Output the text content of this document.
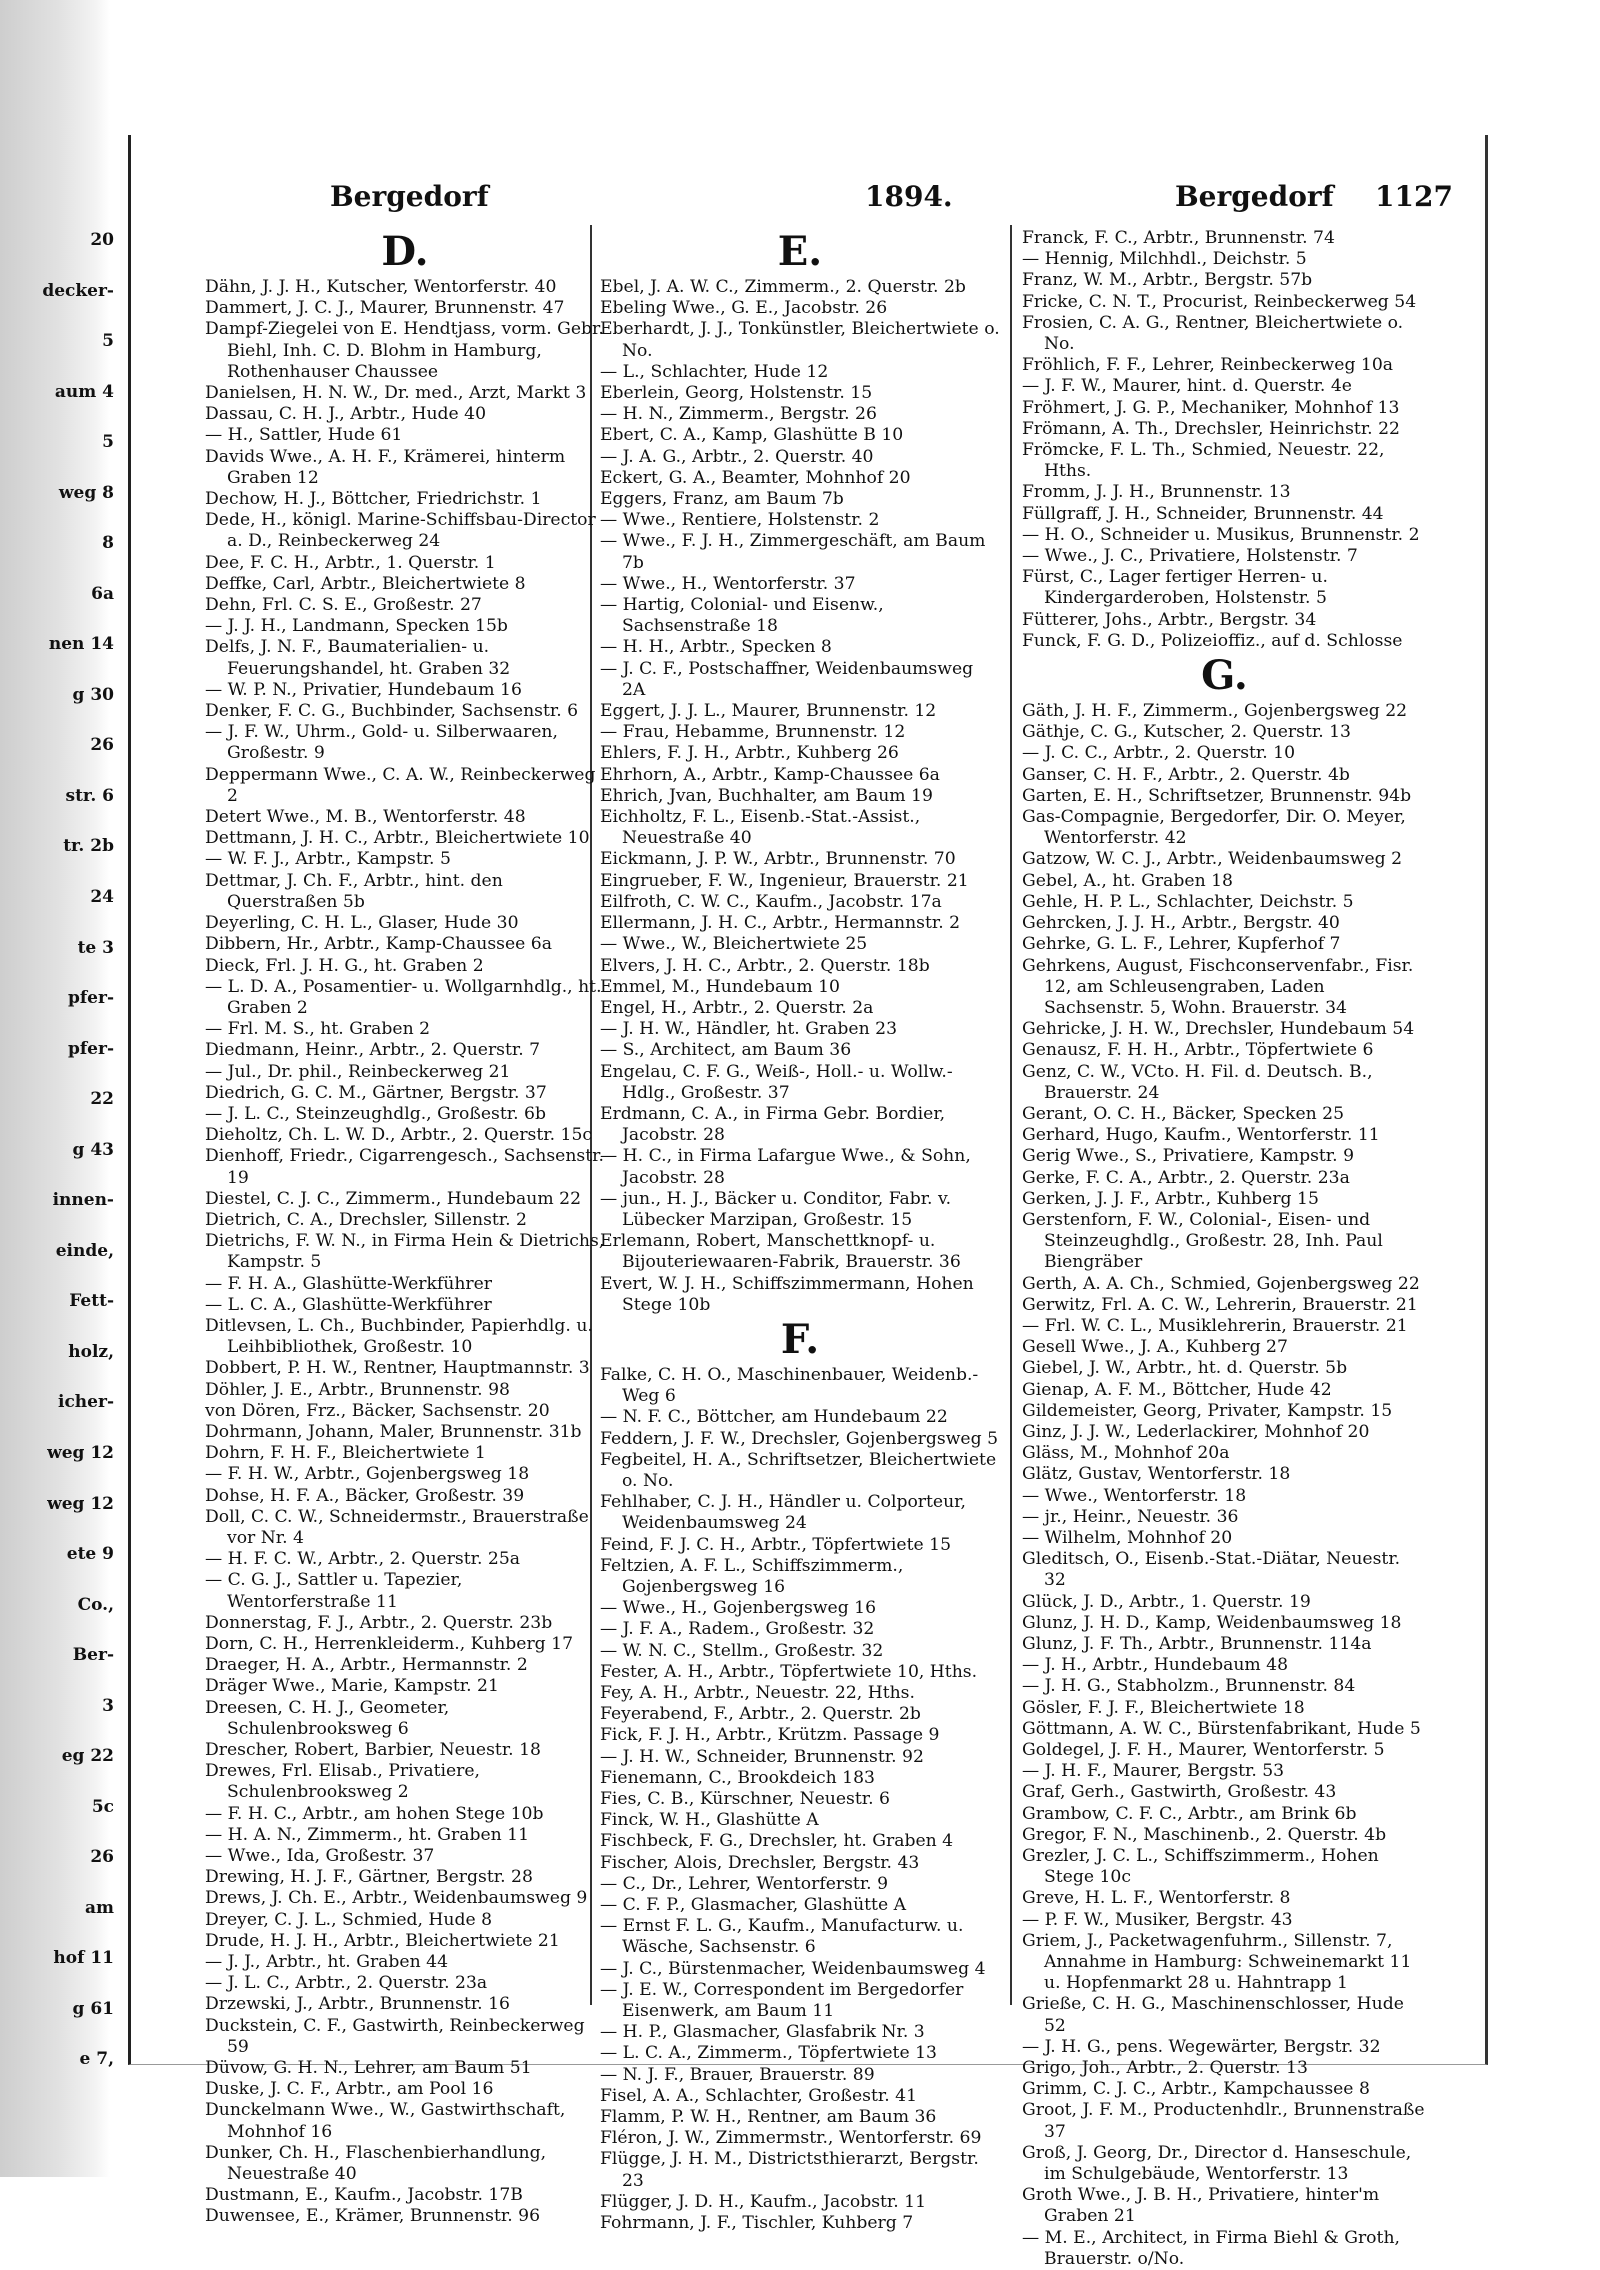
20
decker-
5
aum 4
5
weg 8
8
6a
nen 14
g 30
26
str. 6
tr. 2b
24
te 3
pfer-
pfer-
22
g 43
innen-
einde,
Fett-
holz,
icher-
weg 12
weg 12
ete 9
Co.,
Ber-
3
eg 22
5c
26
am
hof 11
g 61
e 7,
Bergedorf	1894.	Bergedorf 1127
D.
Dähn, J. J. H., Kutscher, Wentorferstr. 40
Dammert, J. C. J., Maurer, Brunnenstr. 47
Dampf-Ziegelei von E. Hendtjass, vorm. Gebr. Biehl, Inh. C. D. Blohm in Hamburg, Rothenhauser Chaussee
Danielsen, H. N. W., Dr. med., Arzt, Markt 3
Dassau, C. H. J., Arbtr., Hude 40
— H., Sattler, Hude 61
Davids Wwe., A. H. F., Krämerei, hinterm Graben 12
Dechow, H. J., Böttcher, Friedrichstr. 1
Dede, H., königl. Marine-Schiffsbau-Director a. D., Reinbeckerweg 24
Dee, F. C. H., Arbtr., 1. Querstr. 1
Deffke, Carl, Arbtr., Bleichertwiete 8
Dehn, Frl. C. S. E., Großestr. 27
— J. J. H., Landmann, Specken 15b
Delfs, J. N. F., Baumaterialien- u. Feuerungshandel, ht. Graben 32
— W. P. N., Privatier, Hundebaum 16
Denker, F. C. G., Buchbinder, Sachsenstr. 6
— J. F. W., Uhrm., Gold- u. Silberwaaren, Großestr. 9
Deppermann Wwe., C. A. W., Reinbeckerweg 2
Detert Wwe., M. B., Wentorferstr. 48
Dettmann, J. H. C., Arbtr., Bleichertwiete 10
— W. F. J., Arbtr., Kampstr. 5
Dettmar, J. Ch. F., Arbtr., hint. den Querstraßen 5b
Deyerling, C. H. L., Glaser, Hude 30
Dibbern, Hr., Arbtr., Kamp-Chaussee 6a
Dieck, Frl. J. H. G., ht. Graben 2
— L. D. A., Posamentier- u. Wollgarnhdlg., ht. Graben 2
— Frl. M. S., ht. Graben 2
Diedmann, Heinr., Arbtr., 2. Querstr. 7
— Jul., Dr. phil., Reinbeckerweg 21
Diedrich, G. C. M., Gärtner, Bergstr. 37
— J. L. C., Steinzeughdlg., Großestr. 6b
Dieholtz, Ch. L. W. D., Arbtr., 2. Querstr. 15c
Dienhoff, Friedr., Cigarrengesch., Sachsenstr. 19
Diestel, C. J. C., Zimmerm., Hundebaum 22
Dietrich, C. A., Drechsler, Sillenstr. 2
Dietrichs, F. W. N., in Firma Hein & Dietrichs, Kampstr. 5
— F. H. A., Glashütte-Werkführer
— L. C. A., Glashütte-Werkführer
Ditlevsen, L. Ch., Buchbinder, Papierhdlg. u. Leihbibliothek, Großestr. 10
Dobbert, P. H. W., Rentner, Hauptmannstr. 3
Döhler, J. E., Arbtr., Brunnenstr. 98
von Dören, Frz., Bäcker, Sachsenstr. 20
Dohrmann, Johann, Maler, Brunnenstr. 31b
Dohrn, F. H. F., Bleichertwiete 1
— F. H. W., Arbtr., Gojenbergsweg 18
Dohse, H. F. A., Bäcker, Großestr. 39
Doll, C. C. W., Schneidermstr., Brauerstraße vor Nr. 4
— H. F. C. W., Arbtr., 2. Querstr. 25a
— C. G. J., Sattler u. Tapezier, Wentorferstraße 11
Donnerstag, F. J., Arbtr., 2. Querstr. 23b
Dorn, C. H., Herrenkleiderm., Kuhberg 17
Draeger, H. A., Arbtr., Hermannstr. 2
Dräger Wwe., Marie, Kampstr. 21
Dreesen, C. H. J., Geometer, Schulenbrooksweg 6
Drescher, Robert, Barbier, Neuestr. 18
Drewes, Frl. Elisab., Privatiere, Schulenbrooksweg 2
— F. H. C., Arbtr., am hohen Stege 10b
— H. A. N., Zimmerm., ht. Graben 11
— Wwe., Ida, Großestr. 37
Drewing, H. J. F., Gärtner, Bergstr. 28
Drews, J. Ch. E., Arbtr., Weidenbaumsweg 9
Dreyer, C. J. L., Schmied, Hude 8
Drude, H. J. H., Arbtr., Bleichertwiete 21
— J. J., Arbtr., ht. Graben 44
— J. L. C., Arbtr., 2. Querstr. 23a
Drzewski, J., Arbtr., Brunnenstr. 16
Duckstein, C. F., Gastwirth, Reinbeckerweg 59
Düvow, G. H. N., Lehrer, am Baum 51
Duske, J. C. F., Arbtr., am Pool 16
Dunckelmann Wwe., W., Gastwirthschaft, Mohnhof 16
Dunker, Ch. H., Flaschenbierhandlung, Neuestraße 40
Dustmann, E., Kaufm., Jacobstr. 17B
Duwensee, E., Krämer, Brunnenstr. 96
E.
Ebel, J. A. W. C., Zimmerm., 2. Querstr. 2b
Ebeling Wwe., G. E., Jacobstr. 26
Eberhardt, J. J., Tonkünstler, Bleichertwiete o. No.
— L., Schlachter, Hude 12
Eberlein, Georg, Holstenstr. 15
— H. N., Zimmerm., Bergstr. 26
Ebert, C. A., Kamp, Glashütte B 10
— J. A. G., Arbtr., 2. Querstr. 40
Eckert, G. A., Beamter, Mohnhof 20
Eggers, Franz, am Baum 7b
— Wwe., Rentiere, Holstenstr. 2
— Wwe., F. J. H., Zimmergeschäft, am Baum 7b
— Wwe., H., Wentorferstr. 37
— Hartig, Colonial- und Eisenw., Sachsenstraße 18
— H. H., Arbtr., Specken 8
— J. C. F., Postschaffner, Weidenbaumsweg 2A
Eggert, J. J. L., Maurer, Brunnenstr. 12
— Frau, Hebamme, Brunnenstr. 12
Ehlers, F. J. H., Arbtr., Kuhberg 26
Ehrhorn, A., Arbtr., Kamp-Chaussee 6a
Ehrich, Jvan, Buchhalter, am Baum 19
Eichholtz, F. L., Eisenb.-Stat.-Assist., Neuestraße 40
Eickmann, J. P. W., Arbtr., Brunnenstr. 70
Eingrueber, F. W., Ingenieur, Brauerstr. 21
Eilfroth, C. W. C., Kaufm., Jacobstr. 17a
Ellermann, J. H. C., Arbtr., Hermannstr. 2
— Wwe., W., Bleichertwiete 25
Elvers, J. H. C., Arbtr., 2. Querstr. 18b
Emmel, M., Hundebaum 10
Engel, H., Arbtr., 2. Querstr. 2a
— J. H. W., Händler, ht. Graben 23
— S., Architect, am Baum 36
Engelau, C. F. G., Weiß-, Holl.- u. Wollw.-Hdlg., Großestr. 37
Erdmann, C. A., in Firma Gebr. Bordier, Jacobstr. 28
— H. C., in Firma Lafargue Wwe., & Sohn, Jacobstr. 28
— jun., H. J., Bäcker u. Conditor, Fabr. v. Lübecker Marzipan, Großestr. 15
Erlemann, Robert, Manschettknopf- u. Bijouteriewaaren-Fabrik, Brauerstr. 36
Evert, W. J. H., Schiffszimmermann, Hohen Stege 10b
F.
Falke, C. H. O., Maschinenbauer, Weidenb.-Weg 6
— N. F. C., Böttcher, am Hundebaum 22
Feddern, J. F. W., Drechsler, Gojenbergsweg 5
Fegbeitel, H. A., Schriftsetzer, Bleichertwiete o. No.
Fehlhaber, C. J. H., Händler u. Colporteur, Weidenbaumsweg 24
Feind, F. J. C. H., Arbtr., Töpfertwiete 15
Feltzien, A. F. L., Schiffszimmerm., Gojenbergsweg 16
— Wwe., H., Gojenbergsweg 16
— J. F. A., Radem., Großestr. 32
— W. N. C., Stellm., Großestr. 32
Fester, A. H., Arbtr., Töpfertwiete 10, Hths.
Fey, A. H., Arbtr., Neuestr. 22, Hths.
Feyerabend, F., Arbtr., 2. Querstr. 2b
Fick, F. J. H., Arbtr., Krützm. Passage 9
— J. H. W., Schneider, Brunnenstr. 92
Fienemann, C., Brookdeich 183
Fies, C. B., Kürschner, Neuestr. 6
Finck, W. H., Glashütte A
Fischbeck, F. G., Drechsler, ht. Graben 4
Fischer, Alois, Drechsler, Bergstr. 43
— C., Dr., Lehrer, Wentorferstr. 9
— C. F. P., Glasmacher, Glashütte A
— Ernst F. L. G., Kaufm., Manufacturw. u. Wäsche, Sachsenstr. 6
— J. C., Bürstenmacher, Weidenbaumsweg 4
— J. E. W., Correspondent im Bergedorfer Eisenwerk, am Baum 11
— H. P., Glasmacher, Glasfabrik Nr. 3
— L. C. A., Zimmerm., Töpfertwiete 13
— N. J. F., Brauer, Brauerstr. 89
Fisel, A. A., Schlachter, Großestr. 41
Flamm, P. W. H., Rentner, am Baum 36
Fléron, J. W., Zimmermstr., Wentorferstr. 69
Flügge, J. H. M., Districtsthierarzt, Bergstr. 23
Flügger, J. D. H., Kaufm., Jacobstr. 11
Fohrmann, J. F., Tischler, Kuhberg 7
Franck, F. C., Arbtr., Brunnenstr. 74
— Hennig, Milchhdl., Deichstr. 5
Franz, W. M., Arbtr., Bergstr. 57b
Fricke, C. N. T., Procurist, Reinbeckerweg 54
Frosien, C. A. G., Rentner, Bleichertwiete o. No.
Fröhlich, F. F., Lehrer, Reinbeckerweg 10a
— J. F. W., Maurer, hint. d. Querstr. 4e
Fröhmert, J. G. P., Mechaniker, Mohnhof 13
Frömann, A. Th., Drechsler, Heinrichstr. 22
Frömcke, F. L. Th., Schmied, Neuestr. 22, Hths.
Fromm, J. J. H., Brunnenstr. 13
Füllgraff, J. H., Schneider, Brunnenstr. 44
— H. O., Schneider u. Musikus, Brunnenstr. 2
— Wwe., J. C., Privatiere, Holstenstr. 7
Fürst, C., Lager fertiger Herren- u. Kindergarderoben, Holstenstr. 5
Fütterer, Johs., Arbtr., Bergstr. 34
Funck, F. G. D., Polizeioffiz., auf d. Schlosse
G.
Gäth, J. H. F., Zimmerm., Gojenbergsweg 22
Gäthje, C. G., Kutscher, 2. Querstr. 13
— J. C. C., Arbtr., 2. Querstr. 10
Ganser, C. H. F., Arbtr., 2. Querstr. 4b
Garten, E. H., Schriftsetzer, Brunnenstr. 94b
Gas-Compagnie, Bergedorfer, Dir. O. Meyer, Wentorferstr. 42
Gatzow, W. C. J., Arbtr., Weidenbaumsweg 2
Gebel, A., ht. Graben 18
Gehle, H. P. L., Schlachter, Deichstr. 5
Gehrcken, J. J. H., Arbtr., Bergstr. 40
Gehrke, G. L. F., Lehrer, Kupferhof 7
Gehrkens, August, Fischconservenfabr., Fisr. 12, am Schleusengraben, Laden Sachsenstr. 5, Wohn. Brauerstr. 34
Gehricke, J. H. W., Drechsler, Hundebaum 54
Genausz, F. H. H., Arbtr., Töpfertwiete 6
Genz, C. W., VCto. H. Fil. d. Deutsch. B., Brauerstr. 24
Gerant, O. C. H., Bäcker, Specken 25
Gerhard, Hugo, Kaufm., Wentorferstr. 11
Gerig Wwe., S., Privatiere, Kampstr. 9
Gerke, F. C. A., Arbtr., 2. Querstr. 23a
Gerken, J. J. F., Arbtr., Kuhberg 15
Gerstenforn, F. W., Colonial-, Eisen- und Steinzeughdlg., Großestr. 28, Inh. Paul Biengräber
Gerth, A. A. Ch., Schmied, Gojenbergsweg 22
Gerwitz, Frl. A. C. W., Lehrerin, Brauerstr. 21
— Frl. W. C. L., Musiklehrerin, Brauerstr. 21
Gesell Wwe., J. A., Kuhberg 27
Giebel, J. W., Arbtr., ht. d. Querstr. 5b
Gienap, A. F. M., Böttcher, Hude 42
Gildemeister, Georg, Privater, Kampstr. 15
Ginz, J. J. W., Lederlackirer, Mohnhof 20
Gläss, M., Mohnhof 20a
Glätz, Gustav, Wentorferstr. 18
— Wwe., Wentorferstr. 18
— jr., Heinr., Neuestr. 36
— Wilhelm, Mohnhof 20
Gleditsch, O., Eisenb.-Stat.-Diätar, Neuestr. 32
Glück, J. D., Arbtr., 1. Querstr. 19
Glunz, J. H. D., Kamp, Weidenbaumsweg 18
Glunz, J. F. Th., Arbtr., Brunnenstr. 114a
— J. H., Arbtr., Hundebaum 48
— J. H. G., Stabholzm., Brunnenstr. 84
Gösler, F. J. F., Bleichertwiete 18
Göttmann, A. W. C., Bürstenfabrikant, Hude 5
Goldegel, J. F. H., Maurer, Wentorferstr. 5
— J. H. F., Maurer, Bergstr. 53
Graf, Gerh., Gastwirth, Großestr. 43
Grambow, C. F. C., Arbtr., am Brink 6b
Gregor, F. N., Maschinenb., 2. Querstr. 4b
Grezler, J. C. L., Schiffszimmerm., Hohen Stege 10c
Greve, H. L. F., Wentorferstr. 8
— P. F. W., Musiker, Bergstr. 43
Griem, J., Packetwagenfuhrm., Sillenstr. 7, Annahme in Hamburg: Schweinemarkt 11 u. Hopfenmarkt 28 u. Hahntrapp 1
Grieße, C. H. G., Maschinenschlosser, Hude 52
— J. H. G., pens. Wegewärter, Bergstr. 32
Grigo, Joh., Arbtr., 2. Querstr. 13
Grimm, C. J. C., Arbtr., Kampchaussee 8
Groot, J. F. M., Productenhdlr., Brunnenstraße 37
Groß, J. Georg, Dr., Director d. Hanseschule, im Schulgebäude, Wentorferstr. 13
Groth Wwe., J. B. H., Privatiere, hinter'm Graben 21
— M. E., Architect, in Firma Biehl & Groth, Brauerstr. o/No.
